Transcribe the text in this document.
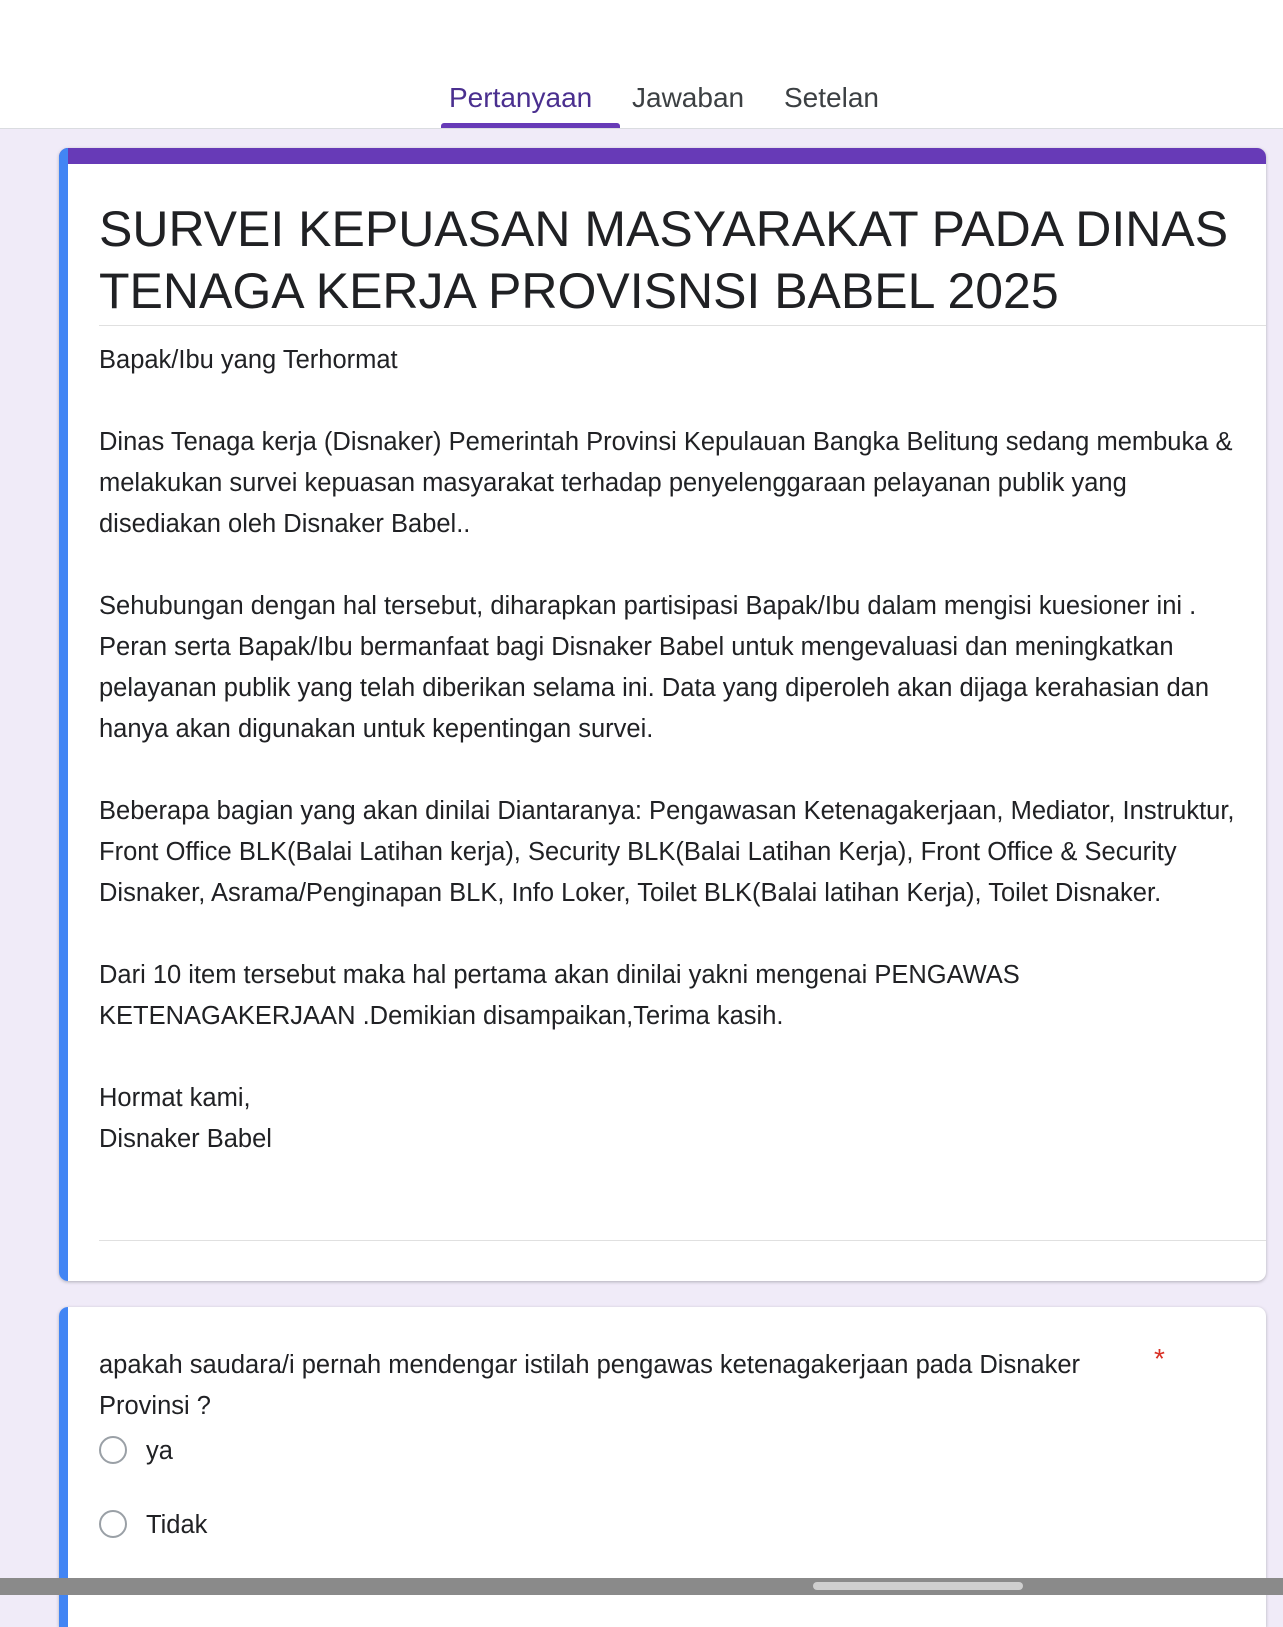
Pertanyaan Jawaban Setelan
SURVEI KEPUASAN MASYARAKAT PADA DINAS
TENAGA KERJA PROVISNSI BABEL 2025
Bapak/Ibu yang Terhormat

Dinas Tenaga kerja (Disnaker) Pemerintah Provinsi Kepulauan Bangka Belitung sedang membuka & melakukan survei kepuasan masyarakat terhadap penyelenggaraan pelayanan publik yang disediakan oleh Disnaker Babel..

Sehubungan dengan hal tersebut, diharapkan partisipasi Bapak/Ibu dalam mengisi kuesioner ini . Peran serta Bapak/Ibu bermanfaat bagi Disnaker Babel untuk mengevaluasi dan meningkatkan pelayanan publik yang telah diberikan selama ini. Data yang diperoleh akan dijaga kerahasian dan hanya akan digunakan untuk kepentingan survei.

Beberapa bagian yang akan dinilai Diantaranya: Pengawasan Ketenagakerjaan, Mediator, Instruktur, Front Office BLK(Balai Latihan kerja), Security BLK(Balai Latihan Kerja), Front Office & Security Disnaker, Asrama/Penginapan BLK, Info Loker, Toilet BLK(Balai latihan Kerja), Toilet Disnaker.

Dari 10 item tersebut maka hal pertama akan dinilai yakni mengenai PENGAWAS KETENAGAKERJAAN .Demikian disampaikan,Terima kasih.

Hormat kami,
Disnaker Babel
apakah saudara/i pernah mendengar istilah pengawas ketenagakerjaan pada Disnaker Provinsi ?
*
ya
Tidak
